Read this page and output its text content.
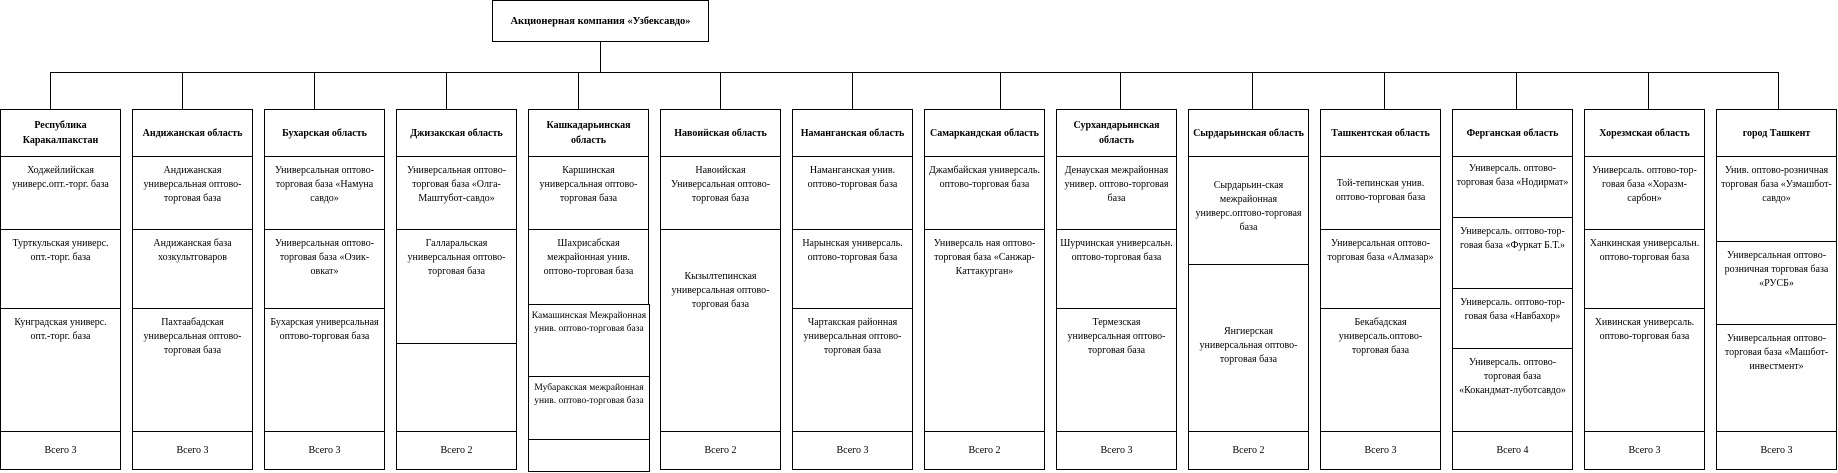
Акционерная компания «Узбексавдо»
Республика Каракалпакстан
Ходжейлийская универс.опт.-торг. база
Турткульская универс. опт.-торг. база
Кунградская универс. опт.-торг. база
Всего 3
Андижанская область
Андижанская универсальная оптово-торговая база
Андижанская база хозкультговаров
Пахтаабадская универсальная оптово-торговая база
Всего 3
Бухарская область
Универсальная оптово-торговая база «Намуна савдо»
Универсальная оптово-торговая база «Озик-овкат»
Бухарская универсальная оптово-торговая база
Всего 3
Джизакская область
Универсальная оптово-торговая база «Олга-Маштубот-савдо»
Галларальская универсальная оптово-торговая база
Всего 2
Кашкадарьинская область
Каршинская универсальная оптово-торговая база
Шахрисабская межрайонная унив. оптово-торговая база
Камашинская Межрайонная унив. оптово-торговая база
Мубаракская межрайонная унив. оптово-торговая база
Навоийская область
Навоийская Универсальная оптово-торговая база
Кызылтепинская универсальная оптово-торговая база
Всего 2
Наманганская область
Наманганская унив. оптово-торговая база
Нарынская универсаль. оптово-торговая база
Чартакская районная универсальная оптово-торговая база
Всего 3
Самаркандская область
Джамбайская универсаль. оптово-торговая база
Универсаль ная оптово-торговая база «Санжар-Каттакурган»
Всего 2
Сурхандарьинская область
Денауская межрайонная универ. оптово-торговая база
Шурчинская универсальн. оптово-торговая база
Термезская универсальная оптово-торговая база
Всего 3
Сырдарьинская область
Сырдарьин-ская межрайонная универс.оптово-торговая база
Янгиерская универсальная оптово-торговая база
Всего 2
Ташкентская область
Той-тепинская унив. оптово-торговая база
Универсальная оптово-торговая база «Алмазар»
Бекабадская универсаль.оптово-торговая база
Всего 3
Ферганская область
Универсаль. оптово-торговая база «Нодирмат»
Универсаль. оптово-тор-говая база «Фуркат Б.Т.»
Универсаль. оптово-тор-говая база «Навбахор»
Универсаль. оптово-торговая база «Кокандмат-луботсавдо»
Всего 4
Хорезмская область
Универсаль. оптово-тор-говая база «Хоразм-сарбон»
Ханкинская универсальн. оптово-торговая база
Хивинская универсаль. оптово-торговая база
Всего 3
город Ташкент
Унив. оптово-розничная торговая база «Узмашбот-савдо»
Универсальная оптово-розничная торговая база «РУСБ»
Универсальная оптово-торговая база «Машбот-инвестмент»
Всего 3
